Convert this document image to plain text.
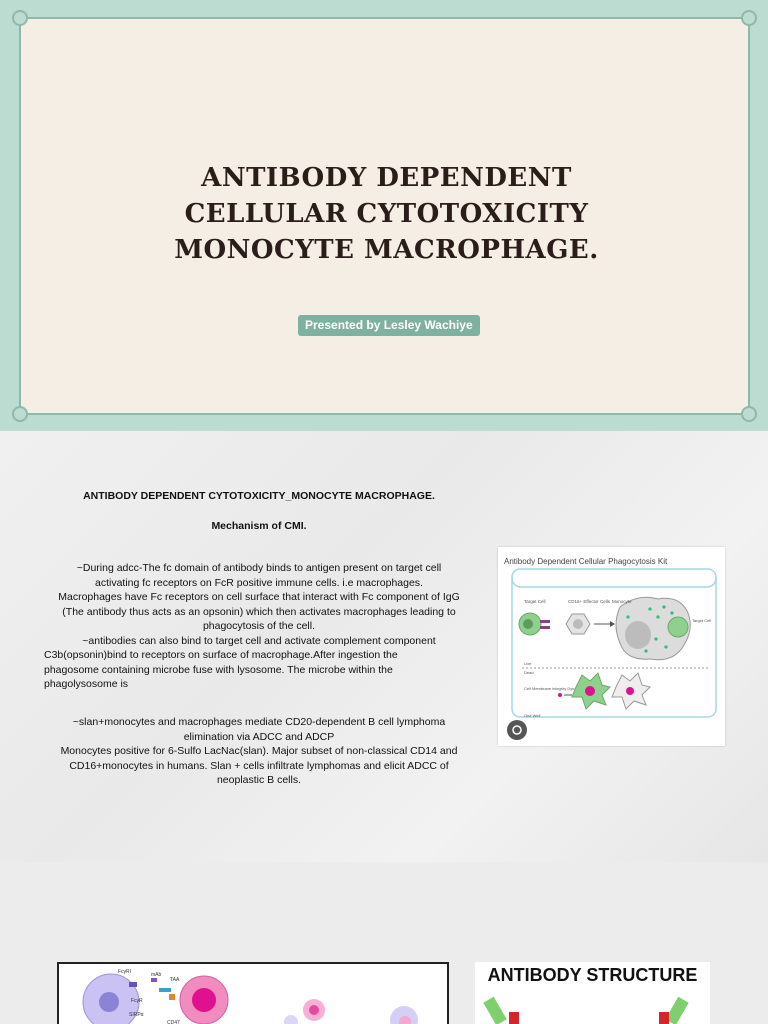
ANTIBODY DEPENDENT
CELLULAR CYTOTOXICITY
MONOCYTE MACROPHAGE.
Presented by Lesley Wachiye
ANTIBODY DEPENDENT CYTOTOXICITY_MONOCYTE MACROPHAGE.
Mechanism of CMI.
~During adcc-The fc domain of antibody binds to antigen present on target cell
activating fc receptors on FcR positive immune cells. i.e macrophages.
Macrophages have Fc receptors on cell surface that interact with Fc component of IgG
(The antibody thus acts as an opsonin) which then activates macrophages leading to
phagocytosis of the cell.
~antibodies can also bind to target cell and activate complement component
C3b(opsonin)bind to receptors on surface of macrophage.After ingestion the
phagosome containing microbe fuse with lysosome. The microbe within the
phagolysosome is
~slan+monocytes and macrophages mediate CD20-dependent B cell lymphoma
elimination via ADCC and ADCP
Monocytes positive for 6-Sulfo LacNac(slan). Major subset of non-classical CD14 and
CD16+monocytes in humans. Slan + cells infiltrate lymphomas and elicit ADCC of
neoplastic B cells.
Antibody Dependent Cellular Phagocytosis Kit
Target Cell	CD16+ Effector Cells Monocyte
Target Cell
Live
Dead
Cell Membrane integrity Dye
One Well
FcγRI	mAb
TAA
FcγR
SIRPα
CD47
ANTIBODY STRUCTURE
